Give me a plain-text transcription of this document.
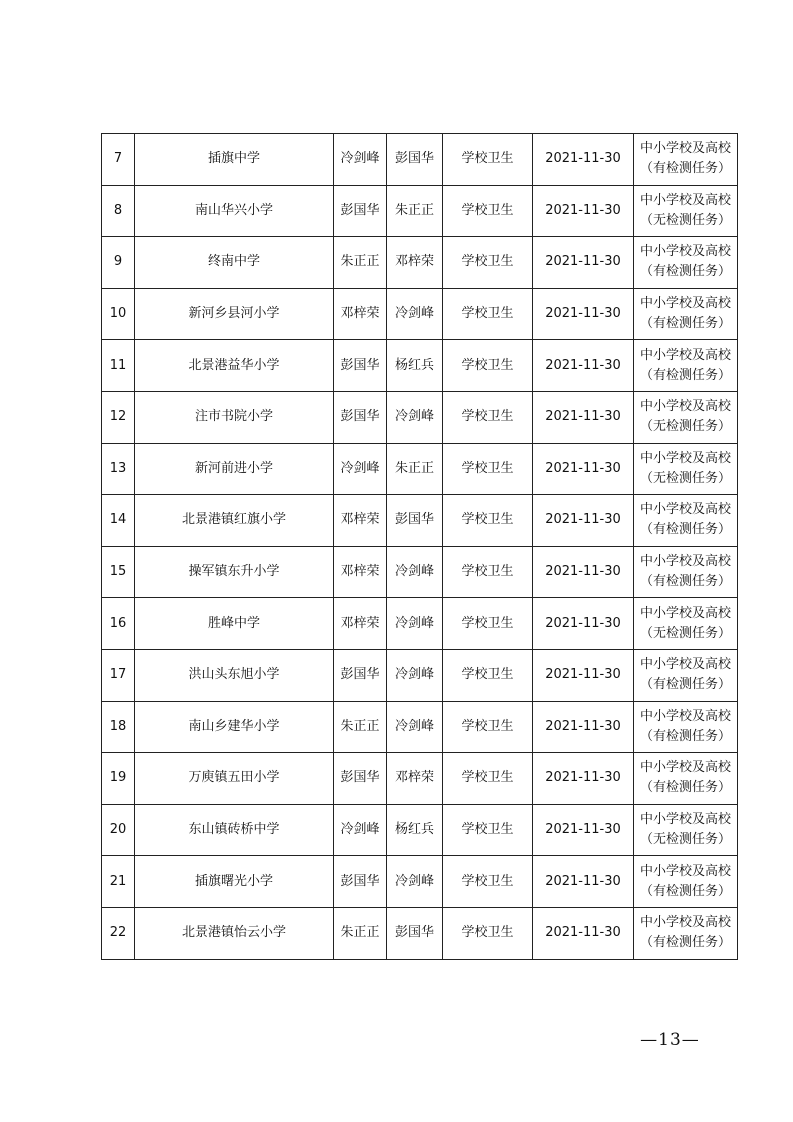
7	插旗中学	冷剑峰	彭国华	学校卫生	2021-11-30	中小学校及高校
（有检测任务）

8	南山华兴小学	彭国华	朱正正	学校卫生	2021-11-30	中小学校及高校
（无检测任务）

9	终南中学	朱正正	邓梓荣	学校卫生	2021-11-30	中小学校及高校
（有检测任务）

10	新河乡县河小学	邓梓荣	冷剑峰	学校卫生	2021-11-30	中小学校及高校
（有检测任务）

11	北景港益华小学	彭国华	杨红兵	学校卫生	2021-11-30	中小学校及高校
（有检测任务）

12	注市书院小学	彭国华	冷剑峰	学校卫生	2021-11-30	中小学校及高校
（无检测任务）

13	新河前进小学	冷剑峰	朱正正	学校卫生	2021-11-30	中小学校及高校
（无检测任务）

14	北景港镇红旗小学	邓梓荣	彭国华	学校卫生	2021-11-30	中小学校及高校
（有检测任务）

15	操军镇东升小学	邓梓荣	冷剑峰	学校卫生	2021-11-30	中小学校及高校
（有检测任务）

16	胜峰中学	邓梓荣	冷剑峰	学校卫生	2021-11-30	中小学校及高校
（无检测任务）

17	洪山头东旭小学	彭国华	冷剑峰	学校卫生	2021-11-30	中小学校及高校
（有检测任务）

18	南山乡建华小学	朱正正	冷剑峰	学校卫生	2021-11-30	中小学校及高校
（有检测任务）

19	万庾镇五田小学	彭国华	邓梓荣	学校卫生	2021-11-30	中小学校及高校
（有检测任务）

20	东山镇砖桥中学	冷剑峰	杨红兵	学校卫生	2021-11-30	中小学校及高校
（无检测任务）

21	插旗曙光小学	彭国华	冷剑峰	学校卫生	2021-11-30	中小学校及高校
（有检测任务）

22	北景港镇怡云小学	朱正正	彭国华	学校卫生	2021-11-30	中小学校及高校
（有检测任务）
—13—
